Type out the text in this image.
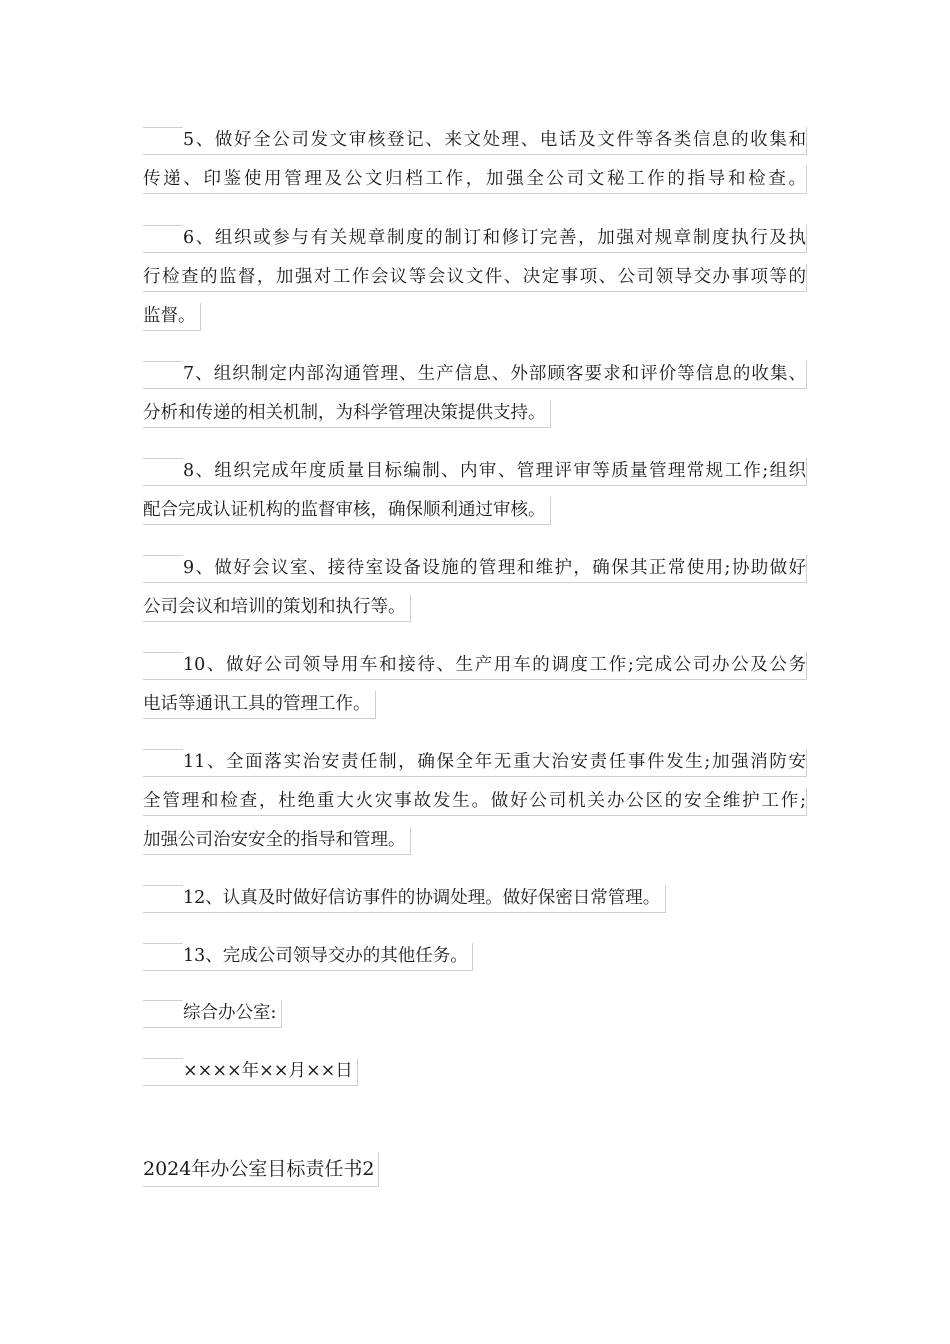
5、做好全公司发文审核登记、来文处理、电话及文件等各类信息的收集和
传递、印鉴使用管理及公文归档工作，加强全公司文秘工作的指导和检查。
6、组织或参与有关规章制度的制订和修订完善，加强对规章制度执行及执
行检查的监督，加强对工作会议等会议文件、决定事项、公司领导交办事项等的
监督。
7、组织制定内部沟通管理、生产信息、外部顾客要求和评价等信息的收集、
分析和传递的相关机制，为科学管理决策提供支持。
8、组织完成年度质量目标编制、内审、管理评审等质量管理常规工作;组织
配合完成认证机构的监督审核，确保顺利通过审核。
9、做好会议室、接待室设备设施的管理和维护，确保其正常使用;协助做好
公司会议和培训的策划和执行等。
10、做好公司领导用车和接待、生产用车的调度工作;完成公司办公及公务
电话等通讯工具的管理工作。
11、全面落实治安责任制，确保全年无重大治安责任事件发生;加强消防安
全管理和检查，杜绝重大火灾事故发生。做好公司机关办公区的安全维护工作;
加强公司治安安全的指导和管理。
12、认真及时做好信访事件的协调处理。做好保密日常管理。
13、完成公司领导交办的其他任务。
综合办公室:
××××年××月××日
2024年办公室目标责任书2
